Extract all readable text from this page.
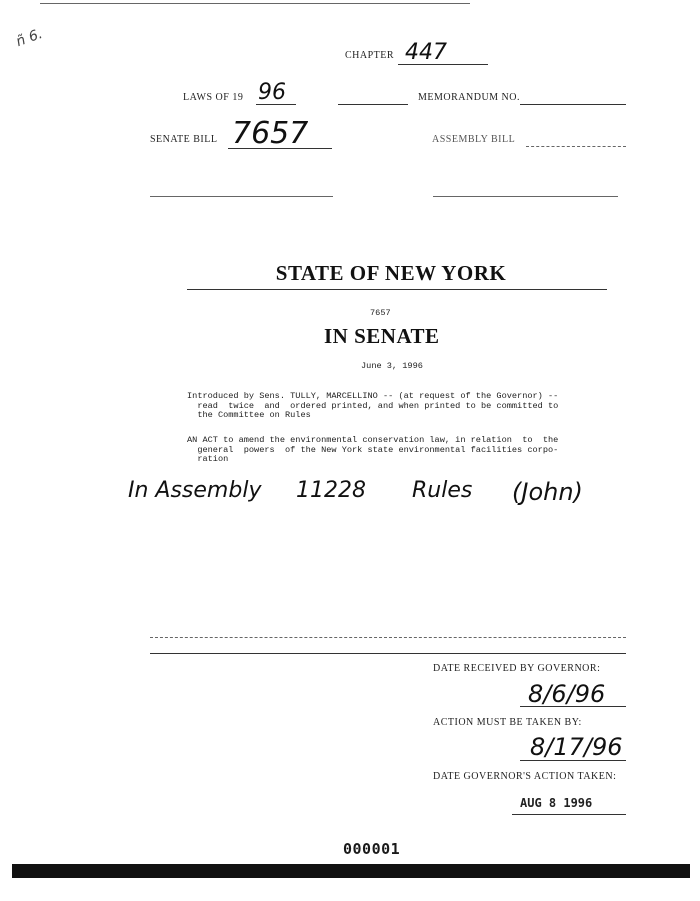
ñ 6.
CHAPTER 447
LAWS OF 19 96	MEMORANDUM NO.
SENATE BILL 7657	ASSEMBLY BILL
STATE OF NEW YORK
7657
IN SENATE
June 3, 1996
Introduced by Sens. TULLY, MARCELLINO -- (at request of the Governor) --
read  twice  and  ordered printed, and when printed to be committed to
the Committee on Rules
AN ACT to amend the environmental conservation law, in relation  to  the
general  powers  of the New York state environmental facilities corpo-
ration
In Assembly 11228 Rules (John)
DATE RECEIVED BY GOVERNOR:
8/6/96
ACTION MUST BE TAKEN BY:
8/17/96
DATE GOVERNOR'S ACTION TAKEN:
AUG 8 1996
000001
